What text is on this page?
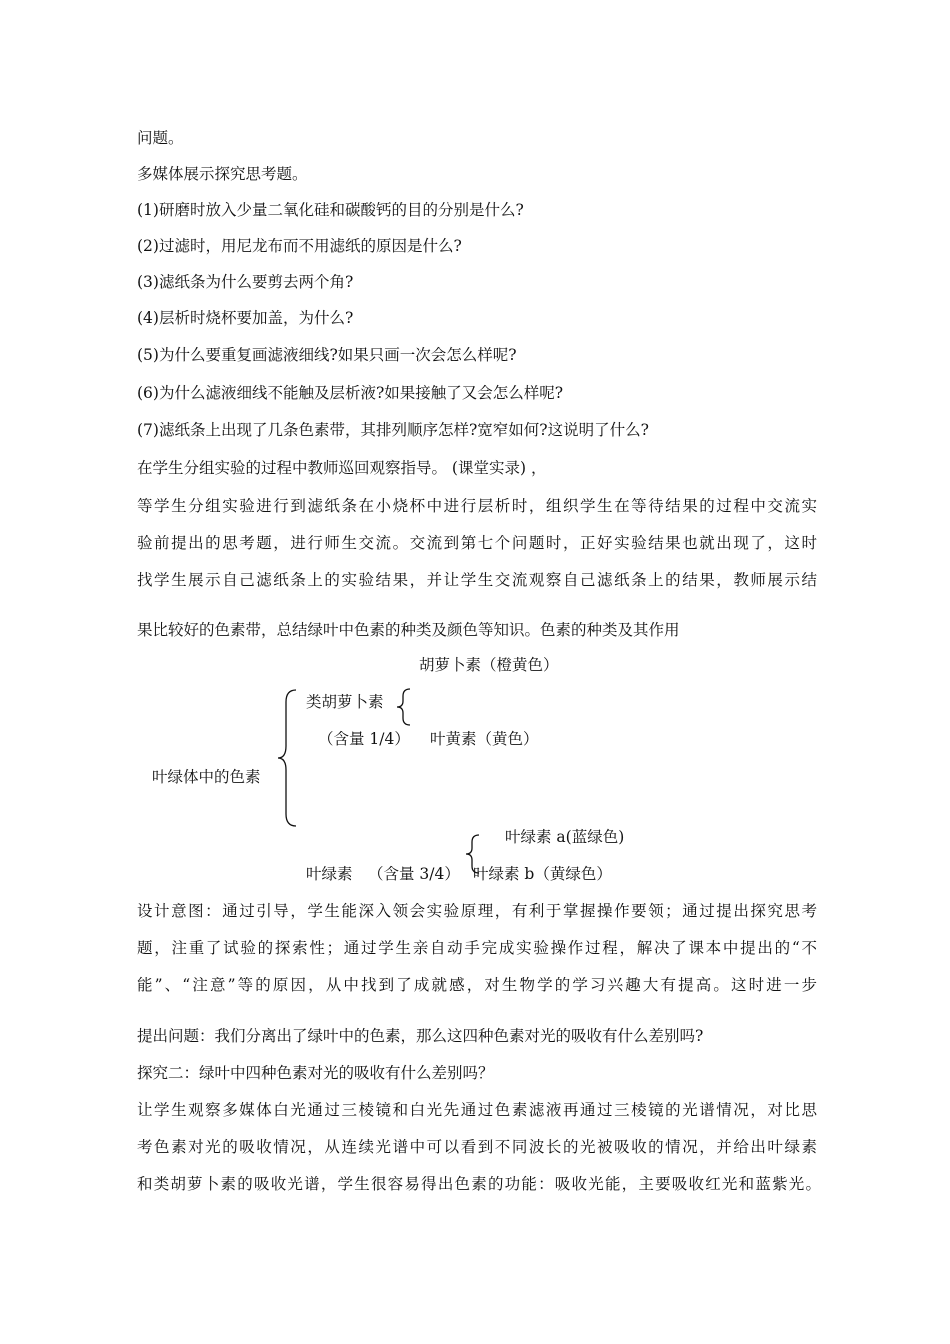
问题。
多媒体展示探究思考题。
(1)研磨时放入少量二氧化硅和碳酸钙的目的分别是什么?
(2)过滤时，用尼龙布而不用滤纸的原因是什么?
(3)滤纸条为什么要剪去两个角?
(4)层析时烧杯要加盖，为什么?
(5)为什么要重复画滤液细线?如果只画一次会怎么样呢?
(6)为什么滤液细线不能触及层析液?如果接触了又会怎么样呢?
(7)滤纸条上出现了几条色素带，其排列顺序怎样?宽窄如何?这说明了什么?
在学生分组实验的过程中教师巡回观察指导。 (课堂实录) ，
等学生分组实验进行到滤纸条在小烧杯中进行层析时，组织学生在等待结果的过程中交流实
验前提出的思考题，进行师生交流。交流到第七个问题时，正好实验结果也就出现了，这时
找学生展示自己滤纸条上的实验结果，并让学生交流观察自己滤纸条上的结果，教师展示结
果比较好的色素带，总结绿叶中色素的种类及颜色等知识。色素的种类及其作用
胡萝卜素（橙黄色）
类胡萝卜素
（含量 1/4） 叶黄素（黄色）
叶绿体中的色素
叶绿素 a(蓝绿色)
叶绿素 （含量 3/4） 叶绿素 b（黄绿色）
设计意图：通过引导，学生能深入领会实验原理，有利于掌握操作要领；通过提出探究思考
题，注重了试验的探索性；通过学生亲自动手完成实验操作过程，解决了课本中提出的“不
能”、“注意”等的原因，从中找到了成就感，对生物学的学习兴趣大有提高。这时进一步
提出问题：我们分离出了绿叶中的色素，那么这四种色素对光的吸收有什么差别吗?
探究二：绿叶中四种色素对光的吸收有什么差别吗？
让学生观察多媒体白光通过三棱镜和白光先通过色素滤液再通过三棱镜的光谱情况，对比思
考色素对光的吸收情况，从连续光谱中可以看到不同波长的光被吸收的情况，并给出叶绿素
和类胡萝卜素的吸收光谱，学生很容易得出色素的功能：吸收光能，主要吸收红光和蓝紫光。
